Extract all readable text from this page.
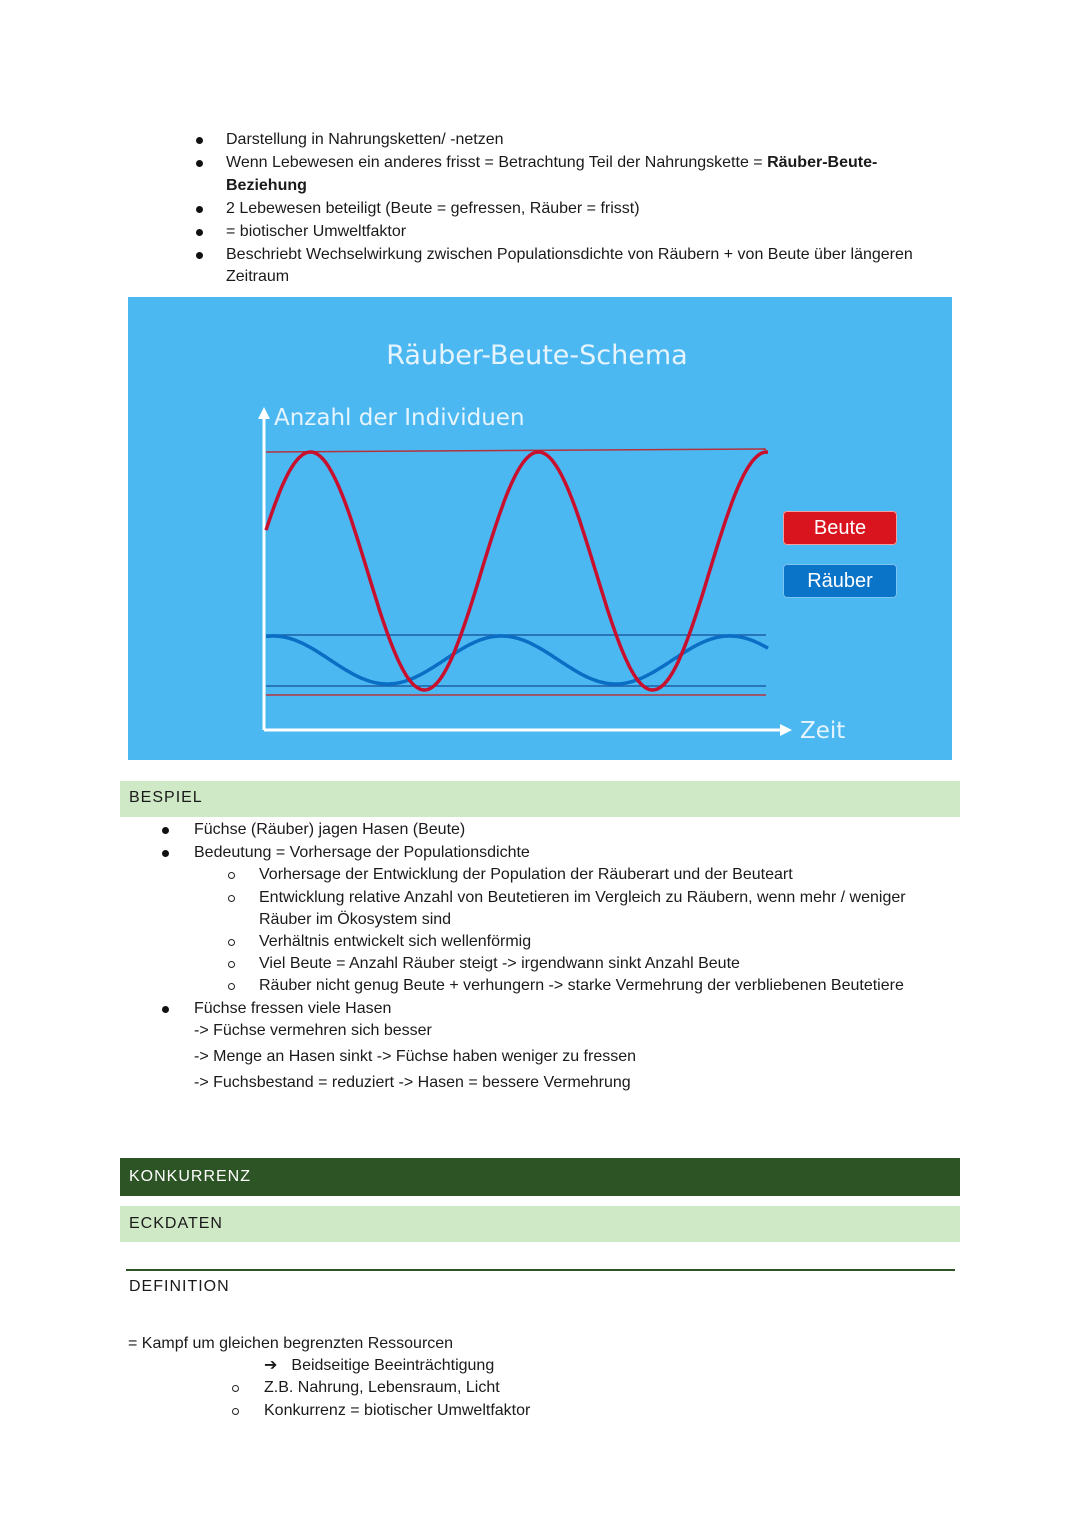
Darstellung in Nahrungsketten/ -netzen
Wenn Lebewesen ein anderes frisst = Betrachtung Teil der Nahrungskette = Räuber-Beute-
Beziehung
2 Lebewesen beteiligt (Beute = gefressen, Räuber = frisst)
= biotischer Umweltfaktor
Beschriebt Wechselwirkung zwischen Populationsdichte von Räubern + von Beute über längeren
Zeitraum
Räuber-Beute-Schema
Anzahl der Individuen
Zeit
Beute
Räuber
BESPIEL
Füchse (Räuber) jagen Hasen (Beute)
Bedeutung = Vorhersage der Populationsdichte
Vorhersage der Entwicklung der Population der Räuberart und der Beuteart
Entwicklung relative Anzahl von Beutetieren im Vergleich zu Räubern, wenn mehr / weniger
Räuber im Ökosystem sind
Verhältnis entwickelt sich wellenförmig
Viel Beute = Anzahl Räuber steigt -> irgendwann sinkt Anzahl Beute
Räuber nicht genug Beute + verhungern -> starke Vermehrung der verbliebenen Beutetiere
Füchse fressen viele Hasen
-> Füchse vermehren sich besser
-> Menge an Hasen sinkt -> Füchse haben weniger zu fressen
-> Fuchsbestand = reduziert -> Hasen = bessere Vermehrung
KONKURRENZ
ECKDATEN
DEFINITION
= Kampf um gleichen begrenzten Ressourcen
➔ Beidseitige Beeinträchtigung
Z.B. Nahrung, Lebensraum, Licht
Konkurrenz = biotischer Umweltfaktor
